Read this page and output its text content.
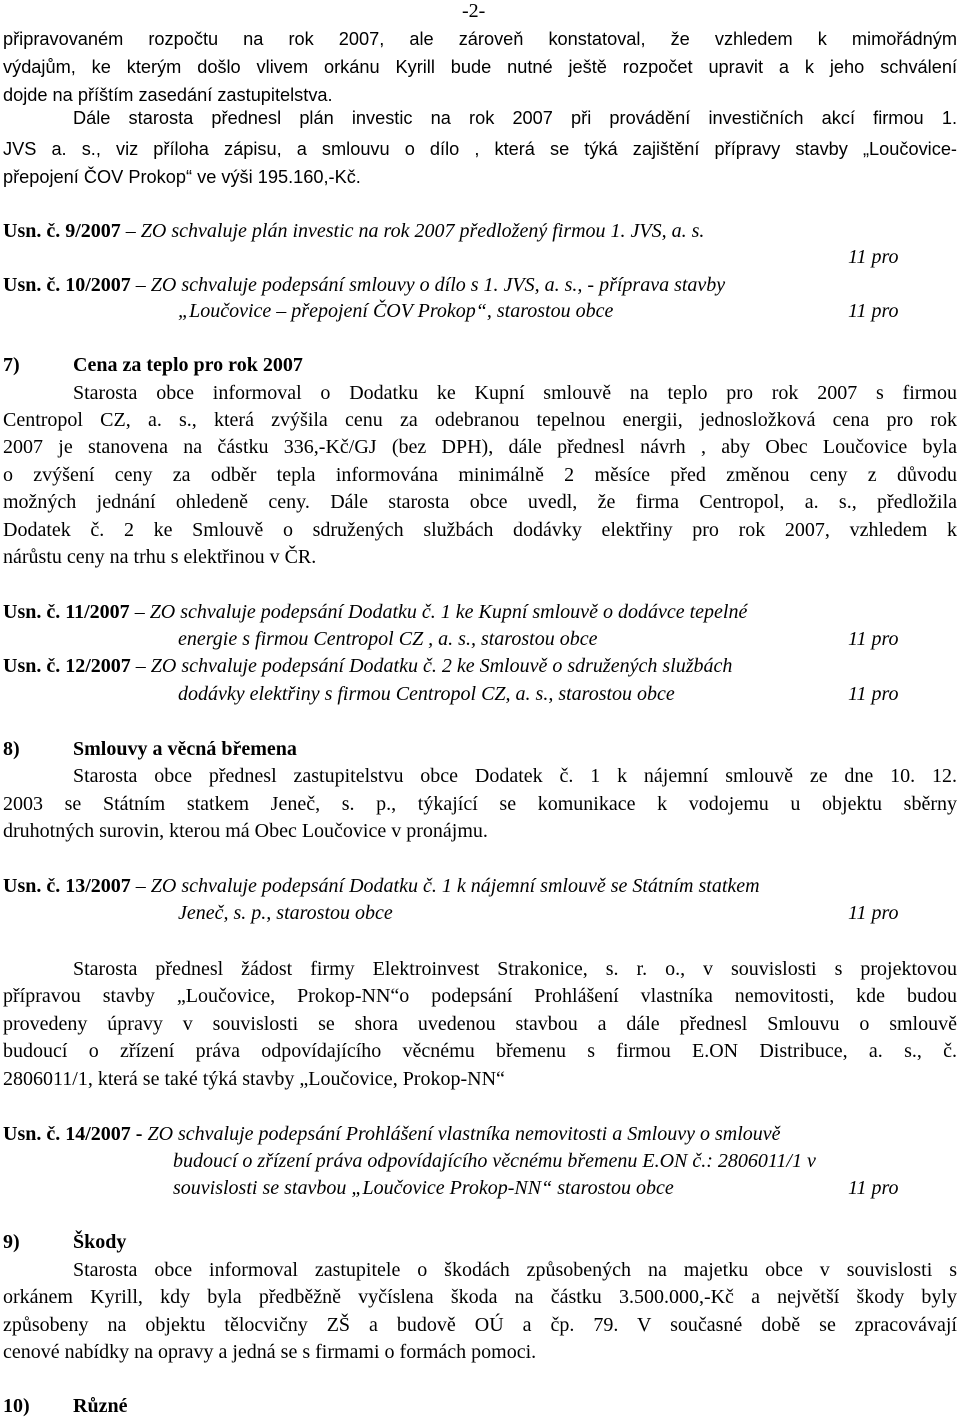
-2-
připravovaném rozpočtu na rok 2007, ale zároveň konstatoval, že vzhledem k mimořádným
výdajům, ke kterým došlo vlivem orkánu Kyrill bude nutné ještě rozpočet upravit a k jeho schválení
dojde na příštím zasedání zastupitelstva.
Dále starosta přednesl plán investic na rok 2007 při provádění investičních akcí firmou 1.
JVS a. s., viz příloha zápisu, a smlouvu o dílo , která se týká zajištění přípravy stavby „Loučovice-
přepojení ČOV Prokop“ ve výši 195.160,-Kč.
Usn. č. 9/2007 – ZO schvaluje plán investic na rok 2007 předložený firmou 1. JVS, a. s.
11 pro
Usn. č. 10/2007 – ZO schvaluje podepsání smlouvy o dílo s 1. JVS, a. s., - příprava stavby
„Loučovice – přepojení ČOV Prokop“, starostou obce	11 pro
7)	Cena za teplo pro rok 2007
Starosta obce informoval o Dodatku ke Kupní smlouvě na teplo pro rok 2007 s firmou
Centropol CZ, a. s., která zvýšila cenu za odebranou tepelnou energii, jednosložková cena pro rok
2007 je stanovena na částku 336,-Kč/GJ (bez DPH), dále přednesl návrh , aby Obec Loučovice byla
o zvýšení ceny za odběr tepla informována minimálně 2 měsíce před změnou ceny z důvodu
možných jednání ohledeně ceny. Dále starosta obce uvedl, že firma Centropol, a. s., předložila
Dodatek č. 2 ke Smlouvě o sdružených službách dodávky elektřiny pro rok 2007, vzhledem k
nárůstu ceny na trhu s elektřinou v ČR.
Usn. č. 11/2007 – ZO schvaluje podepsání Dodatku č. 1 ke Kupní smlouvě o dodávce tepelné
energie s firmou Centropol CZ , a. s., starostou obce	11 pro
Usn. č. 12/2007 – ZO schvaluje podepsání Dodatku č. 2 ke Smlouvě o sdružených službách
dodávky elektřiny s firmou Centropol CZ, a. s., starostou obce	11 pro
8)	Smlouvy a věcná břemena
Starosta obce přednesl zastupitelstvu obce Dodatek č. 1 k nájemní smlouvě ze dne 10. 12.
2003 se Státním statkem Jeneč, s. p., týkající se komunikace k vodojemu u objektu sběrny
druhotných surovin, kterou má Obec Loučovice v pronájmu.
Usn. č. 13/2007 – ZO schvaluje podepsání Dodatku č. 1 k nájemní smlouvě se Státním statkem
Jeneč, s. p., starostou obce	11 pro
Starosta přednesl žádost firmy Elektroinvest Strakonice, s. r. o., v souvislosti s projektovou
přípravou stavby „Loučovice, Prokop-NN“o podepsání Prohlášení vlastníka nemovitosti, kde budou
provedeny úpravy v souvislosti se shora uvedenou stavbou a dále přednesl Smlouvu o smlouvě
budoucí o zřízení práva odpovídajícího věcnému břemenu s firmou E.ON Distribuce, a. s., č.
2806011/1, která se také týká stavby „Loučovice, Prokop-NN“
Usn. č. 14/2007 - ZO schvaluje podepsání Prohlášení vlastníka nemovitosti a Smlouvy o smlouvě
budoucí o zřízení práva odpovídajícího věcnému břemenu E.ON č.: 2806011/1 v
souvislosti se stavbou „Loučovice Prokop-NN“ starostou obce	11 pro
9)	Škody
Starosta obce informoval zastupitele o škodách způsobených na majetku obce v souvislosti s
orkánem Kyrill, kdy byla předběžně vyčíslena škoda na částku 3.500.000,-Kč a největší škody byly
způsobeny na objektu tělocvičny ZŠ a budově OÚ a čp. 79. V současné době se zpracovávají
cenové nabídky na opravy a jedná se s firmami o formách pomoci.
10) Různé
